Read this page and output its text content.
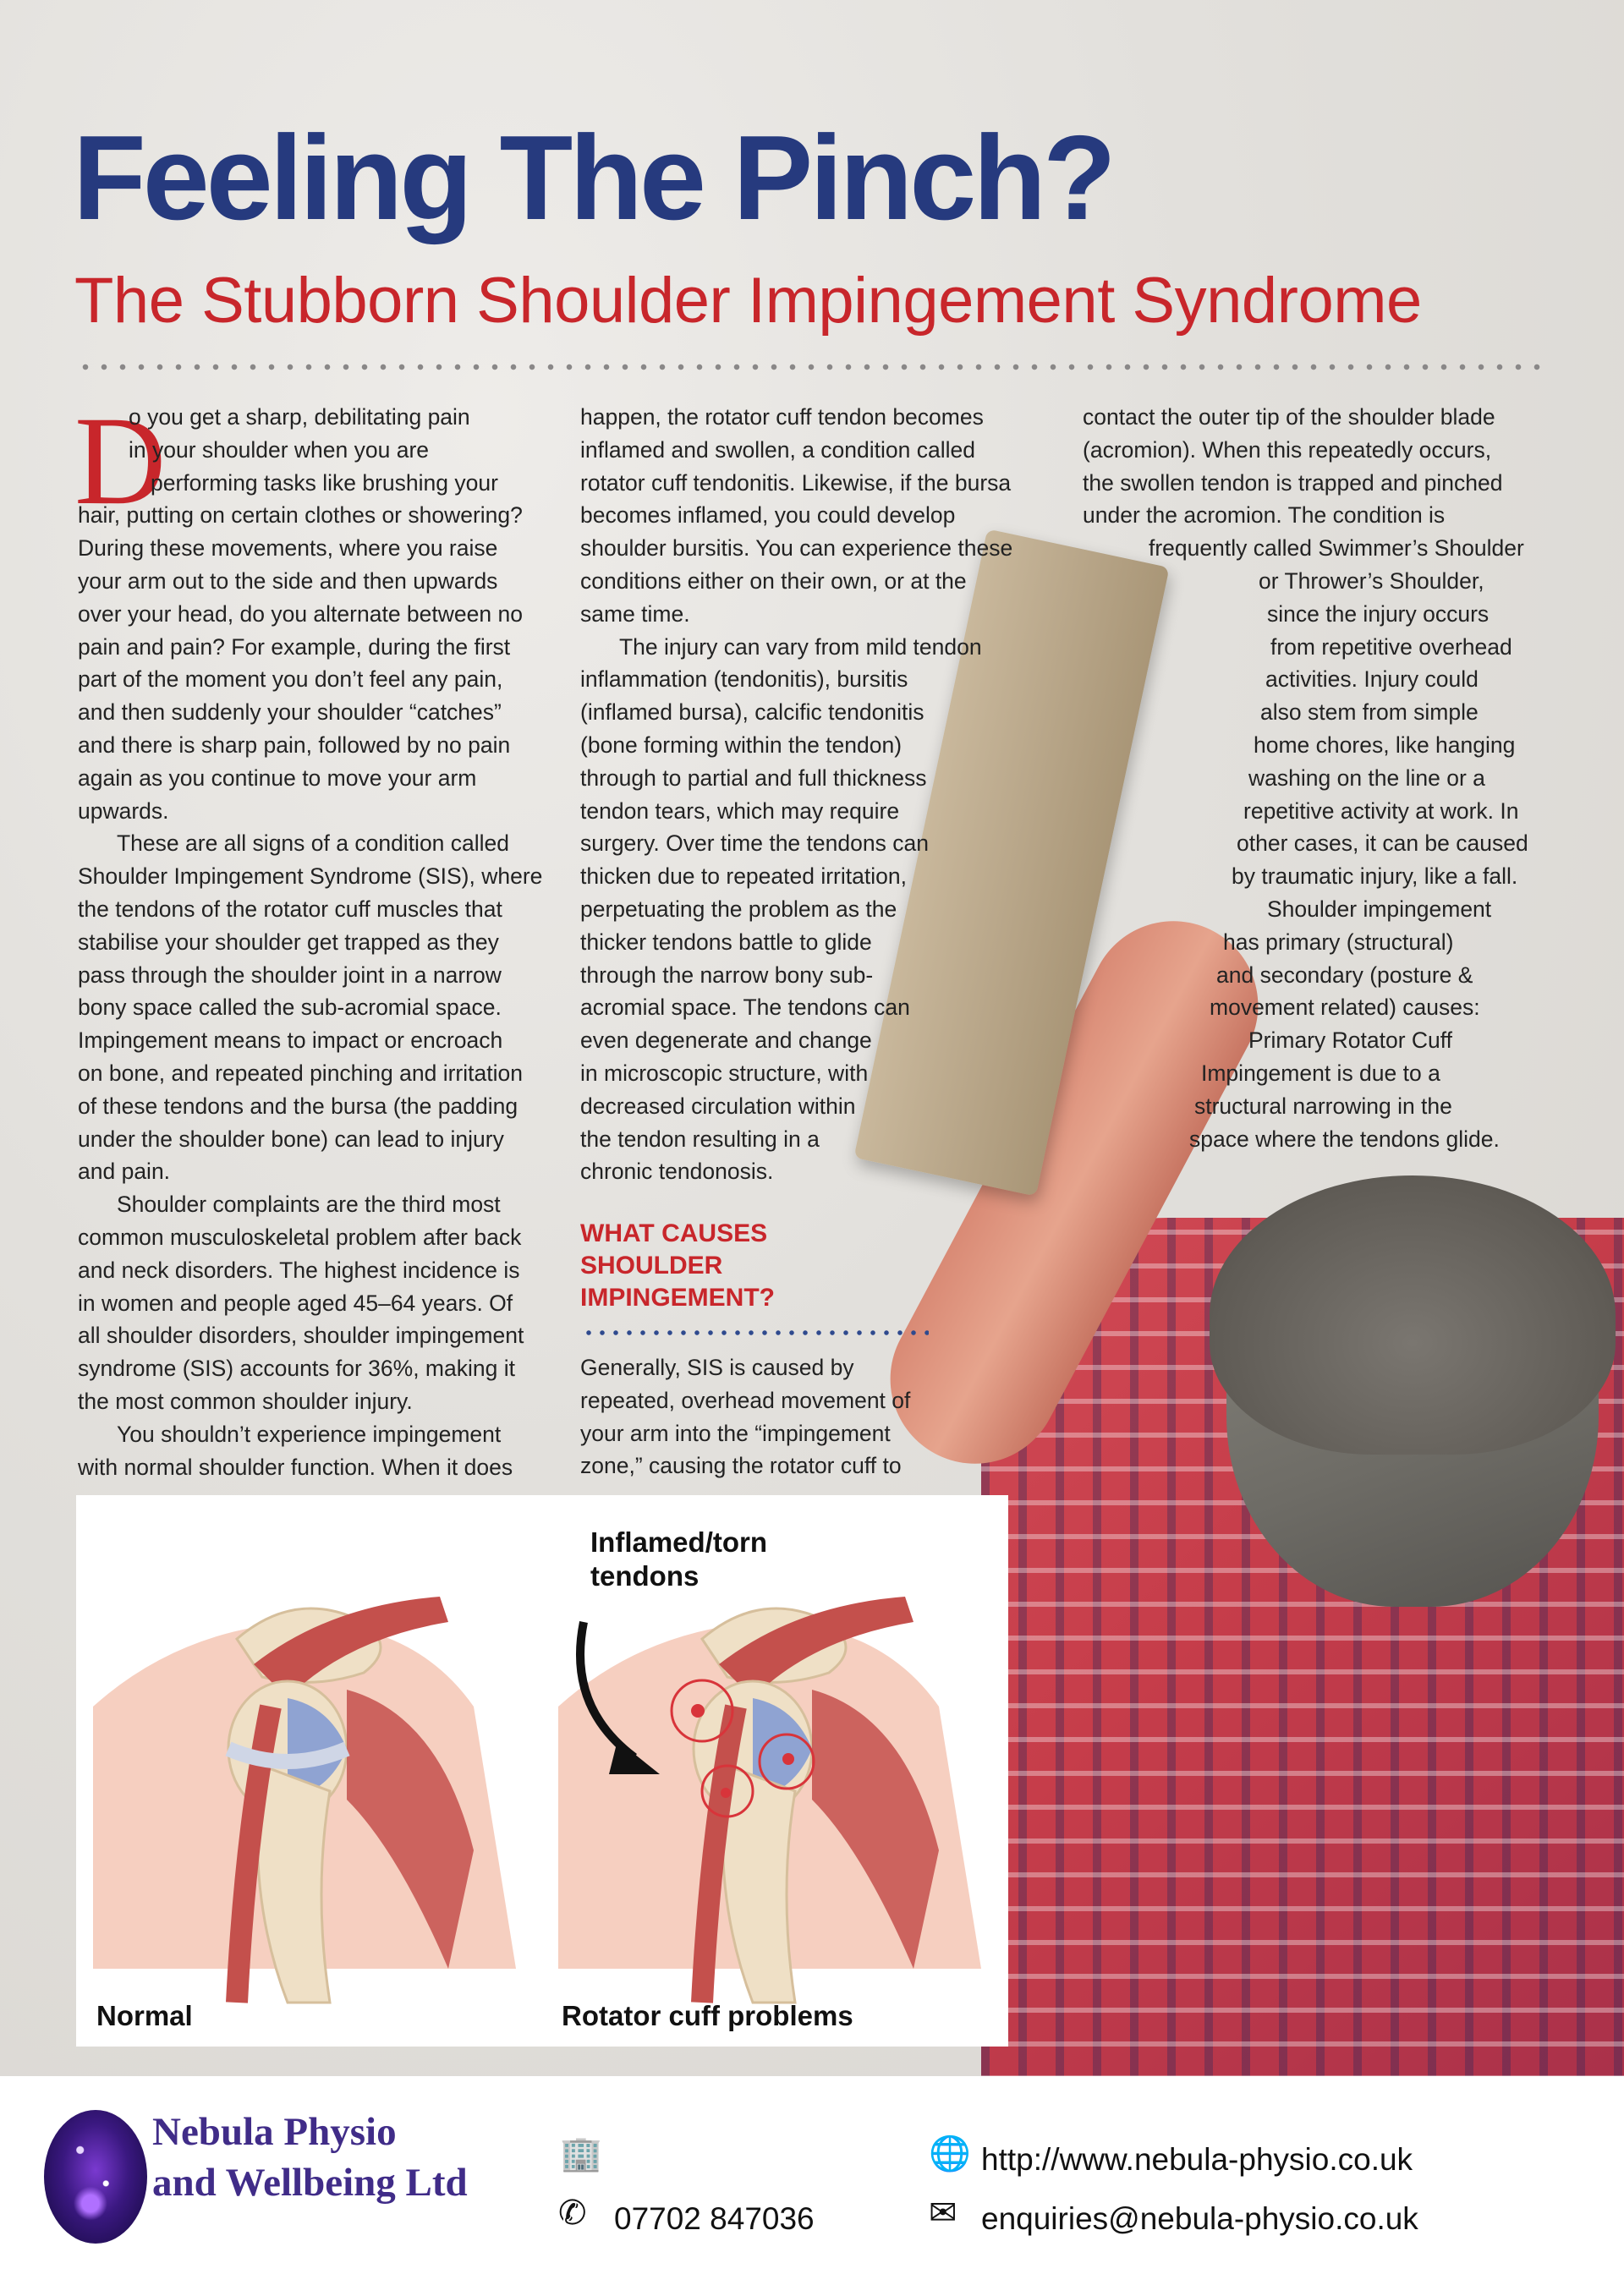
Feeling The Pinch?
The Stubborn Shoulder Impingement Syndrome
D

o you get a sharp, debilitating pain

in your shoulder when you are

performing tasks like brushing your

hair, putting on certain clothes or showering?

During these movements, where you raise

your arm out to the side and then upwards

over your head, do you alternate between no

pain and pain? For example, during the first

part of the moment you don’t feel any pain,

and then suddenly your shoulder “catches”

and there is sharp pain, followed by no pain

again as you continue to move your arm

upwards.

These are all signs of a condition called

Shoulder Impingement Syndrome (SIS), where

the tendons of the rotator cuff muscles that

stabilise your shoulder get trapped as they

pass through the shoulder joint in a narrow

bony space called the sub-acromial space.

Impingement means to impact or encroach

on bone, and repeated pinching and irritation

of these tendons and the bursa (the padding

under the shoulder bone) can lead to injury

and pain.

Shoulder complaints are the third most

common musculoskeletal problem after back

and neck disorders. The highest incidence is

in women and people aged 45–64 years. Of

all shoulder disorders, shoulder impingement

syndrome (SIS) accounts for 36%, making it

the most common shoulder injury.

You shouldn’t experience impingement

with normal shoulder function. When it does

happen, the rotator cuff tendon becomes

inflamed and swollen, a condition called

rotator cuff tendonitis. Likewise, if the bursa

becomes inflamed, you could develop

shoulder bursitis. You can experience these

conditions either on their own, or at the

same time.

The injury can vary from mild tendon

inflammation (tendonitis), bursitis

(inflamed bursa), calcific tendonitis

(bone forming within the tendon)

through to partial and full thickness

tendon tears, which may require

surgery. Over time the tendons can

thicken due to repeated irritation,

perpetuating the problem as the

thicker tendons battle to glide

through the narrow bony sub-

acromial space. The tendons can

even degenerate and change

in microscopic structure, with

decreased circulation within

the tendon resulting in a

chronic tendonosis.

WHAT CAUSES
SHOULDER
IMPINGEMENT?

Generally, SIS is caused by

repeated, overhead movement of

your arm into the “impingement

zone,” causing the rotator cuff to

contact the outer tip of the shoulder blade

(acromion). When this repeatedly occurs,

the swollen tendon is trapped and pinched

under the acromion. The condition is

frequently called Swimmer’s Shoulder

or Thrower’s Shoulder,

since the injury occurs

from repetitive overhead

activities. Injury could

also stem from simple

home chores, like hanging

washing on the line or a

repetitive activity at work. In

other cases, it can be caused

by traumatic injury, like a fall.

Shoulder impingement

has primary (structural)

and secondary (posture &

movement related) causes:

Primary Rotator Cuff

Impingement is due to a

structural narrowing in the

space where the tendons glide.

Normal	Rotator cuff problems
Inflamed/torn
tendons
Nebula Physio
and Wellbeing Ltd
🏢
✆ 07702 847036
🌐 http://www.nebula-physio.co.uk
✉ enquiries@nebula-physio.co.uk
